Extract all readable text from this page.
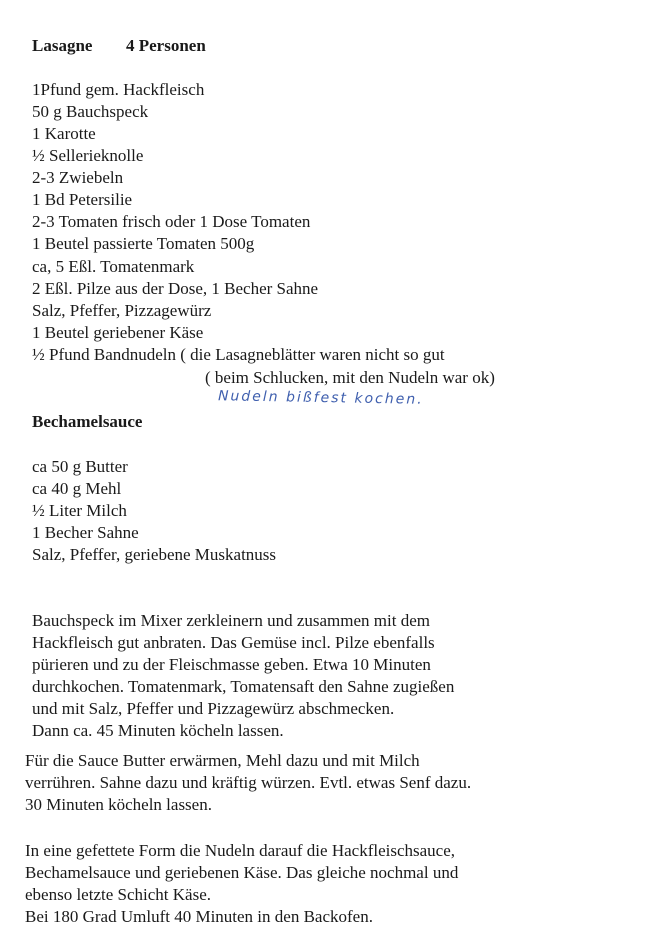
Lasagne 4 Personen
1Pfund gem. Hackfleisch
50 g Bauchspeck
1 Karotte
½ Sellerieknolle
2-3 Zwiebeln
1 Bd Petersilie
2-3 Tomaten frisch oder 1 Dose Tomaten
1 Beutel passierte Tomaten 500g
ca, 5 Eßl. Tomatenmark
2 Eßl. Pilze aus der Dose, 1 Becher Sahne
Salz, Pfeffer, Pizzagewürz
1 Beutel geriebener Käse
½ Pfund Bandnudeln ( die Lasagneblätter waren nicht so gut
( beim Schlucken, mit den Nudeln war ok)
Nudeln bißfest kochen.
Bechamelsauce
ca 50 g Butter
ca 40 g Mehl
½ Liter Milch
1 Becher Sahne
Salz, Pfeffer, geriebene Muskatnuss
Bauchspeck im Mixer zerkleinern und zusammen mit dem
Hackfleisch gut anbraten. Das Gemüse incl. Pilze ebenfalls
pürieren und zu der Fleischmasse geben. Etwa 10 Minuten
durchkochen. Tomatenmark, Tomatensaft den Sahne zugießen
und mit Salz, Pfeffer und Pizzagewürz abschmecken.
Dann ca. 45 Minuten köcheln lassen.
Für die Sauce Butter erwärmen, Mehl dazu und mit Milch
verrühren. Sahne dazu und kräftig würzen. Evtl. etwas Senf dazu.
30 Minuten köcheln lassen.
In eine gefettete Form die Nudeln darauf die Hackfleischsauce,
Bechamelsauce und geriebenen Käse. Das gleiche nochmal und
ebenso letzte Schicht Käse.
Bei 180 Grad Umluft 40 Minuten in den Backofen.
